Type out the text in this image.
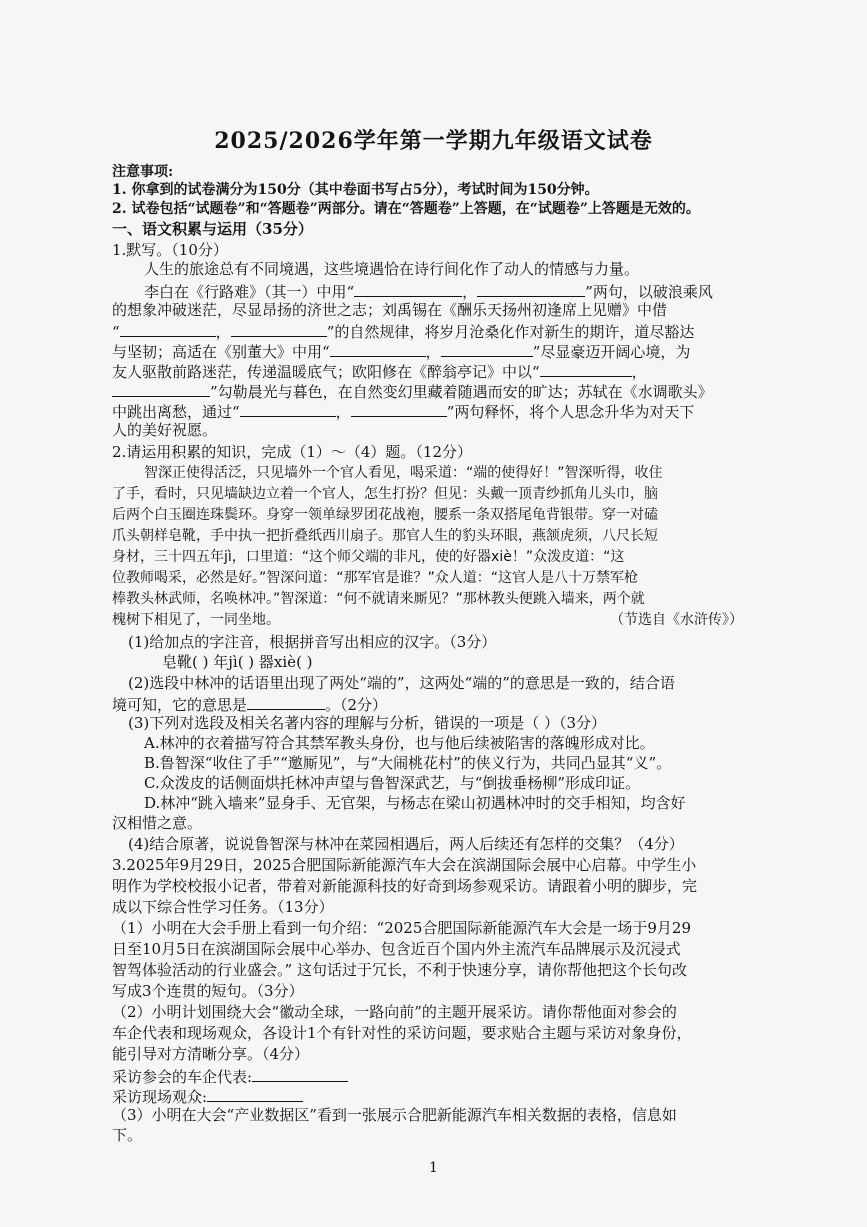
2025/2026学年第一学期九年级语文试卷
注意事项:
1. 你拿到的试卷满分为150分（其中卷面书写占5分），考试时间为150分钟。
2. 试卷包括“试题卷”和“答题卷”两部分。请在“答题卷”上答题，在“试题卷”上答题是无效的。
一、语文积累与运用（35分）
1.默写。（10分）
人生的旅途总有不同境遇，这些境遇恰在诗行间化作了动人的情感与力量。
李白在《行路难》（其一）中用“	，	”两句，以破浪乘风
的想象冲破迷茫，尽显昂扬的济世之志；刘禹锡在《酬乐天扬州初逢席上见赠》中借
“	，	”的自然规律，将岁月沧桑化作对新生的期许，道尽豁达
与坚韧；高适在《别董大》中用“	，	”尽显豪迈开阔心境，为
友人驱散前路迷茫，传递温暖底气；欧阳修在《醉翁亭记》中以“	，
”勾勒晨光与暮色，在自然变幻里藏着随遇而安的旷达；苏轼在《水调歌头》
中跳出离愁，通过“	，	”两句释怀，将个人思念升华为对天下
人的美好祝愿。
2.请运用积累的知识，完成（1）～（4）题。（12分）
智深正使得活泛，只见墙外一个官人看见，喝采道：“端的使得好！”智深听得，收住
了手，看时，只见墙缺边立着一个官人，怎生打扮？但见：头戴一顶青纱抓角儿头巾，脑
后两个白玉圈连珠鬓环。身穿一领单绿罗团花战袍，腰系一条双搭尾龟背银带。穿一对磕
爪头朝样皂靴，手中执一把折叠纸西川扇子。那官人生的豹头环眼，燕颔虎须，八尺长短
身材，三十四五年jì，口里道：“这个师父端的非凡，使的好器xiè！”众泼皮道：“这
位教师喝采，必然是好。”智深问道：“那军官是谁？”众人道：“这官人是八十万禁军枪
棒教头林武师，名唤林冲。”智深道：“何不就请来厮见？”那林教头便跳入墙来，两个就
槐树下相见了，一同坐地。	（节选自《水浒传》）
(1)给加点的字注音，根据拼音写出相应的汉字。（3分）
皂靴( ) 年jì( ) 器xiè( )
(2)选段中林冲的话语里出现了两处“端的”，这两处“端的”的意思是一致的，结合语
境可知，它的意思是	。（2分）
(3)下列对选段及相关名著内容的理解与分析，错误的一项是（ ）（3分）
A.林冲的衣着描写符合其禁军教头身份，也与他后续被陷害的落魄形成对比。
B.鲁智深“收住了手”“邀厮见”，与“大闹桃花村”的侠义行为，共同凸显其“义”。
C.众泼皮的话侧面烘托林冲声望与鲁智深武艺，与“倒拔垂杨柳”形成印证。
D.林冲“跳入墙来”显身手、无官架，与杨志在梁山初遇林冲时的交手相知，均含好
汉相惜之意。
(4)结合原著，说说鲁智深与林冲在菜园相遇后，两人后续还有怎样的交集？（4分）
3.2025年9月29日，2025合肥国际新能源汽车大会在滨湖国际会展中心启幕。中学生小
明作为学校校报小记者，带着对新能源科技的好奇到场参观采访。请跟着小明的脚步，完
成以下综合性学习任务。（13分）
（1）小明在大会手册上看到一句介绍：“2025合肥国际新能源汽车大会是一场于9月29
日至10月5日在滨湖国际会展中心举办、包含近百个国内外主流汽车品牌展示及沉浸式
智驾体验活动的行业盛会。” 这句话过于冗长，不利于快速分享，请你帮他把这个长句改
写成3个连贯的短句。（3分）
（2）小明计划围绕大会“徽动全球，一路向前”的主题开展采访。请你帮他面对参会的
车企代表和现场观众，各设计1个有针对性的采访问题，要求贴合主题与采访对象身份，
能引导对方清晰分享。（4分）
采访参会的车企代表:
采访现场观众:
（3）小明在大会“产业数据区”看到一张展示合肥新能源汽车相关数据的表格，信息如
下。
1
